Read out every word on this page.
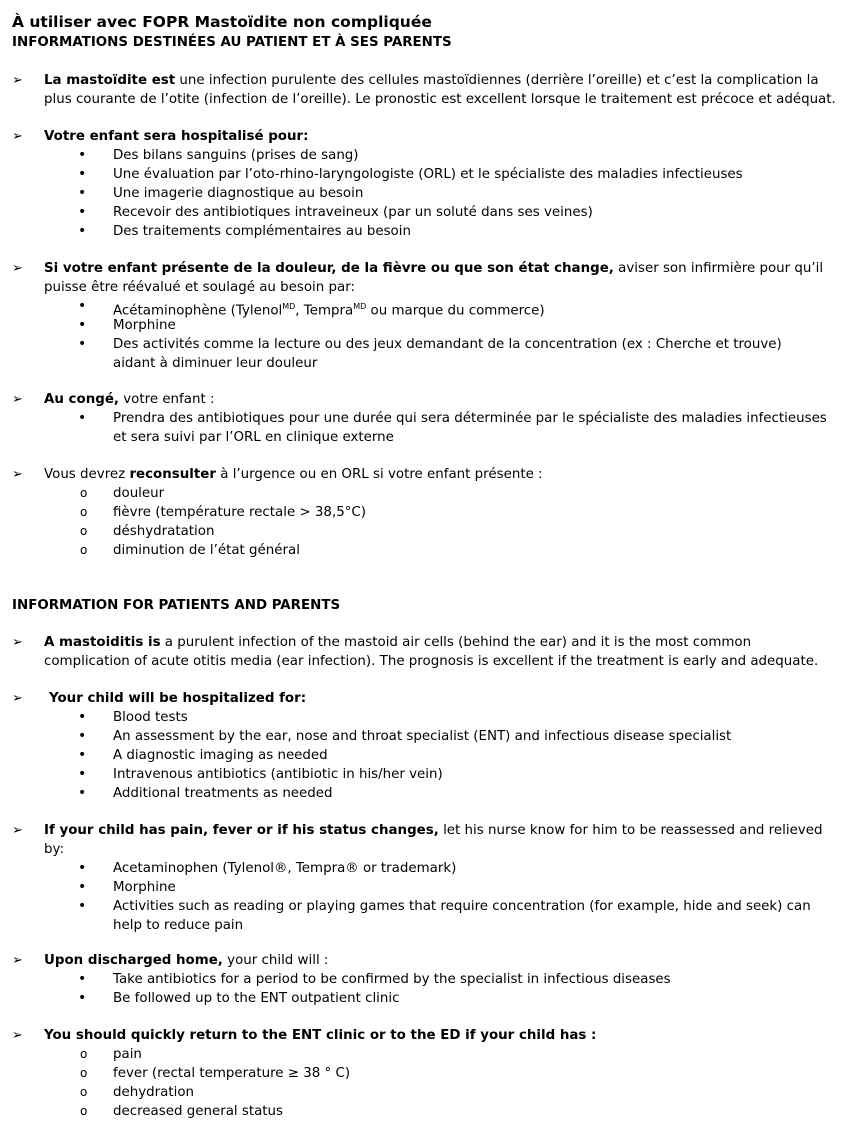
À utiliser avec FOPR Mastoïdite non compliquée
INFORMATIONS DESTINÉES AU PATIENT ET À SES PARENTS
➢ La mastoïdite est une infection purulente des cellules mastoïdiennes (derrière l’oreille) et c’est la complication la
plus courante de l’otite (infection de l’oreille). Le pronostic est excellent lorsque le traitement est précoce et adéquat.
➢ Votre enfant sera hospitalisé pour:
• Des bilans sanguins (prises de sang)
• Une évaluation par l’oto-rhino-laryngologiste (ORL) et le spécialiste des maladies infectieuses
• Une imagerie diagnostique au besoin
• Recevoir des antibiotiques intraveineux (par un soluté dans ses veines)
• Des traitements complémentaires au besoin
➢ Si votre enfant présente de la douleur, de la fièvre ou que son état change, aviser son infirmière pour qu’il
puisse être réévalué et soulagé au besoin par:
• Acétaminophène (Tylenol$^{MD}$, Tempra$^{MD}$ ou marque du commerce)
• Morphine
• Des activités comme la lecture ou des jeux demandant de la concentration (ex : Cherche et trouve)
aidant à diminuer leur douleur
➢ Au congé, votre enfant :
• Prendra des antibiotiques pour une durée qui sera déterminée par le spécialiste des maladies infectieuses
et sera suivi par l’ORL en clinique externe
➢ Vous devrez reconsulter à l’urgence ou en ORL si votre enfant présente :
o douleur
o fièvre (température rectale > 38,5°C)
o déshydratation
o diminution de l’état général
INFORMATION FOR PATIENTS AND PARENTS
➢ A mastoiditis is a purulent infection of the mastoid air cells (behind the ear) and it is the most common
complication of acute otitis media (ear infection). The prognosis is excellent if the treatment is early and adequate.
➢ Your child will be hospitalized for:
• Blood tests
• An assessment by the ear, nose and throat specialist (ENT) and infectious disease specialist
• A diagnostic imaging as needed
• Intravenous antibiotics (antibiotic in his/her vein)
• Additional treatments as needed
➢ If your child has pain, fever or if his status changes, let his nurse know for him to be reassessed and relieved
by:
• Acetaminophen (Tylenol®, Tempra® or trademark)
• Morphine
• Activities such as reading or playing games that require concentration (for example, hide and seek) can
help to reduce pain
➢ Upon discharged home, your child will :
• Take antibiotics for a period to be confirmed by the specialist in infectious diseases
• Be followed up to the ENT outpatient clinic
➢ You should quickly return to the ENT clinic or to the ED if your child has :
o pain
o fever (rectal temperature ≥ 38 ° C)
o dehydration
o decreased general status
